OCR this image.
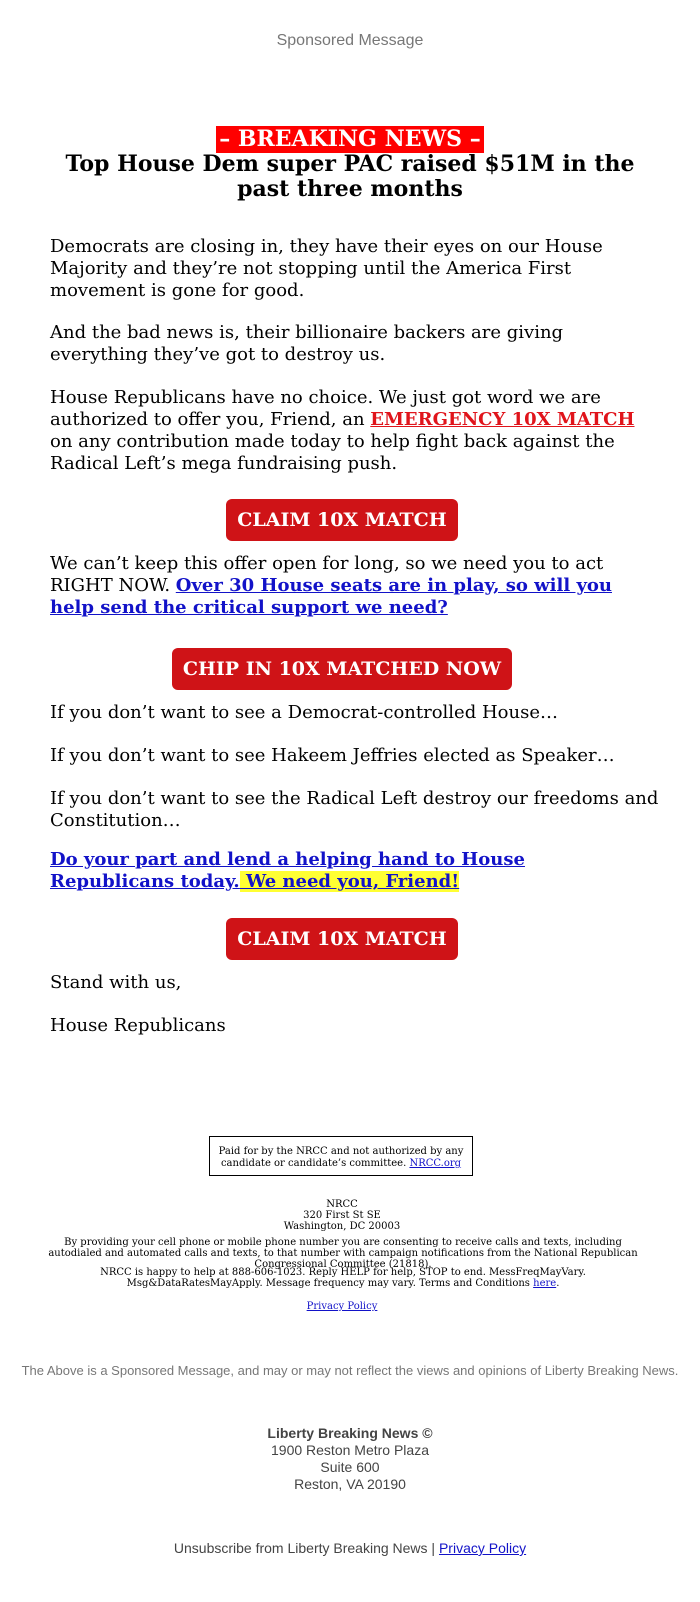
Sponsored Message
– BREAKING NEWS –
Top House Dem super PAC raised $51M in the past three months
Democrats are closing in, they have their eyes on our House Majority and they’re not stopping until the America First movement is gone for good.
And the bad news is, their billionaire backers are giving everything they’ve got to destroy us.
House Republicans have no choice. We just got word we are authorized to offer you, Friend, an EMERGENCY 10X MATCH on any contribution made today to help fight back against the Radical Left’s mega fundraising push.
CLAIM 10X MATCH
We can’t keep this offer open for long, so we need you to act RIGHT NOW. Over 30 House seats are in play, so will you help send the critical support we need?
CHIP IN 10X MATCHED NOW
If you don’t want to see a Democrat-controlled House…
If you don’t want to see Hakeem Jeffries elected as Speaker…
If you don’t want to see the Radical Left destroy our freedoms and Constitution…
Do your part and lend a helping hand to House Republicans today. We need you, Friend!
CLAIM 10X MATCH
Stand with us,
House Republicans
Paid for by the NRCC and not authorized by any candidate or candidate’s committee. NRCC.org
NRCC
320 First St SE
Washington, DC 20003
By providing your cell phone or mobile phone number you are consenting to receive calls and texts, including autodialed and automated calls and texts, to that number with campaign notifications from the National Republican Congressional Committee (21818).
NRCC is happy to help at 888-606-1023. Reply HELP for help, STOP to end. MessFreqMayVary. Msg&DataRatesMayApply. Message frequency may vary. Terms and Conditions here.
Privacy Policy
The Above is a Sponsored Message, and may or may not reflect the views and opinions of Liberty Breaking News.
Liberty Breaking News ©
1900 Reston Metro Plaza
Suite 600
Reston, VA 20190
Unsubscribe from Liberty Breaking News | Privacy Policy
